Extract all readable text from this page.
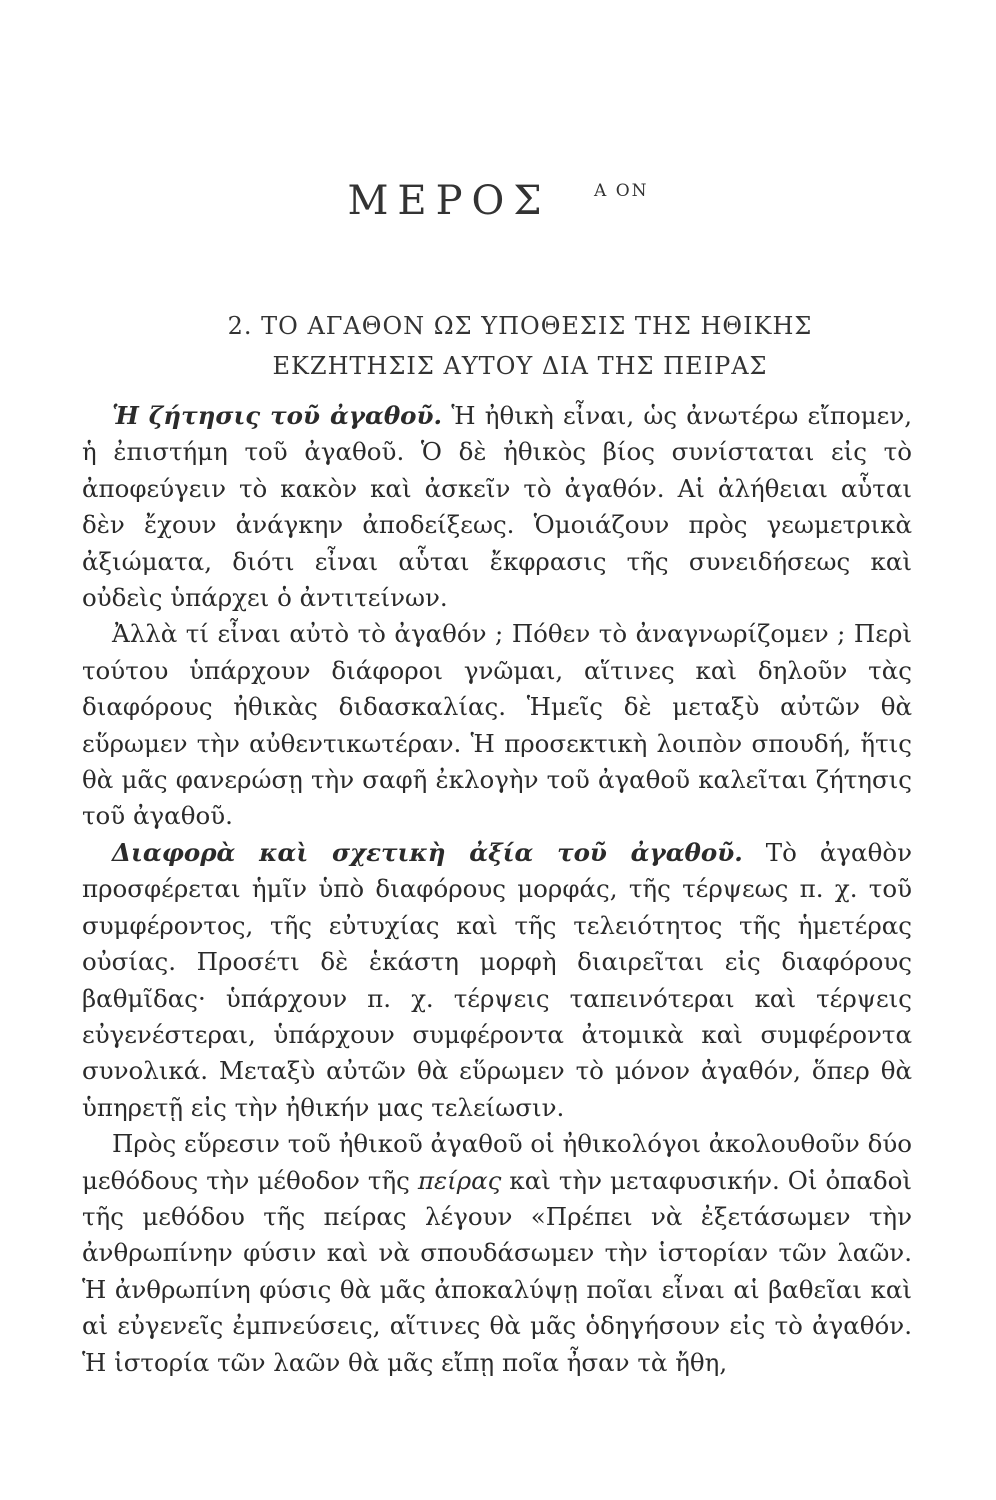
ΜΕΡΟΣ	$^{A ON}$
2. ΤΟ ΑΓΑΘΟΝ ΩΣ ΥΠΟΘΕΣΙΣ ΤΗΣ ΗΘΙΚΗΣ
ΕΚΖΗΤΗΣΙΣ ΑΥΤΟΥ ΔΙΑ ΤΗΣ ΠΕΙΡΑΣ

Ἡ ζήτησις τοῦ ἀγαθοῦ. Ἡ ἠθικὴ εἶναι, ὡς ἀνωτέρω εἴπομεν, ἡ ἐπιστήμη τοῦ ἀγαθοῦ. Ὁ δὲ ἠθικὸς βίος συνίσταται εἰς τὸ ἀποφεύγειν τὸ κακὸν καὶ ἀσκεῖν τὸ ἀγαθόν. Αἱ ἀλήθειαι αὗται δὲν ἔχουν ἀνάγκην ἀποδείξεως. Ὁμοιάζουν πρὸς γεωμετρικὰ ἀξιώματα, διότι εἶναι αὗται ἔκφρασις τῆς συνειδήσεως καὶ οὐδεὶς ὑπάρχει ὁ ἀντιτείνων.

Ἀλλὰ τί εἶναι αὐτὸ τὸ ἀγαθόν ; Πόθεν τὸ ἀναγνωρίζομεν ; Περὶ τούτου ὑπάρχουν διάφοροι γνῶμαι, αἵτινες καὶ δηλοῦν τὰς διαφόρους ἠθικὰς διδασκαλίας. Ἡμεῖς δὲ μεταξὺ αὐτῶν θὰ εὕρωμεν τὴν αὐθεντικωτέραν. Ἡ προσεκτικὴ λοιπὸν σπουδή, ἥτις θὰ μᾶς φανερώσῃ τὴν σαφῆ ἐκλογὴν τοῦ ἀγαθοῦ καλεῖται ζήτησις τοῦ ἀγαθοῦ.

Διαφορὰ καὶ σχετικὴ ἀξία τοῦ ἀγαθοῦ. Τὸ ἀγαθὸν προσφέρεται ἡμῖν ὑπὸ διαφόρους μορφάς, τῆς τέρψεως π. χ. τοῦ συμφέροντος, τῆς εὐτυχίας καὶ τῆς τελειότητος τῆς ἡμετέρας οὐσίας. Προσέτι δὲ ἑκάστη μορφὴ διαιρεῖται εἰς διαφόρους βαθμῖδας· ὑπάρχουν π. χ. τέρψεις ταπεινότεραι καὶ τέρψεις εὐγενέστεραι, ὑπάρχουν συμφέροντα ἀτομικὰ καὶ συμφέροντα συνολικά. Μεταξὺ αὐτῶν θὰ εὕρωμεν τὸ μόνον ἀγαθόν, ὅπερ θὰ ὑπηρετῇ εἰς τὴν ἠθικήν μας τελείωσιν.

Πρὸς εὕρεσιν τοῦ ἠθικοῦ ἀγαθοῦ οἱ ἠθικολόγοι ἀκολουθοῦν δύο μεθόδους τὴν μέθοδον τῆς πείρας καὶ τὴν μεταφυσικήν. Οἱ ὀπαδοὶ τῆς μεθόδου τῆς πείρας λέγουν «Πρέπει νὰ ἐξετάσωμεν τὴν ἀνθρωπίνην φύσιν καὶ νὰ σπουδάσωμεν τὴν ἱστορίαν τῶν λαῶν. Ἡ ἀνθρωπίνη φύσις θὰ μᾶς ἀποκαλύψῃ ποῖαι εἶναι αἱ βαθεῖαι καὶ αἱ εὐγενεῖς ἐμπνεύσεις, αἵτινες θὰ μᾶς ὁδηγήσουν εἰς τὸ ἀγαθόν. Ἡ ἱστορία τῶν λαῶν θὰ μᾶς εἴπῃ ποῖα ἦσαν τὰ ἤθη,
